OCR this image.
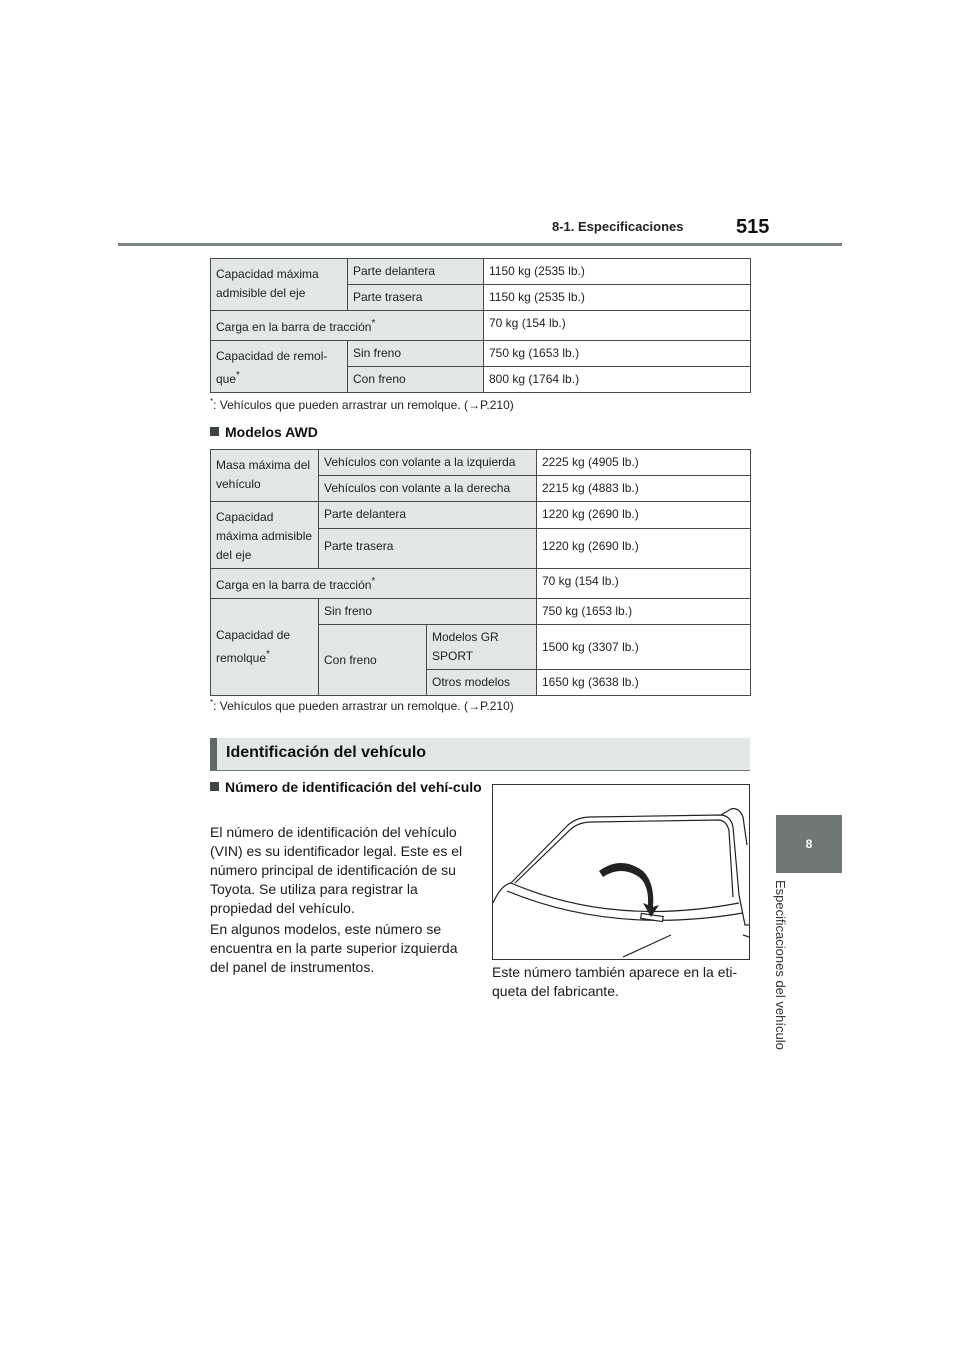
8-1. Especificaciones	515
8
Especificaciones del vehículo
Capacidad máxima admisible del eje	Parte delantera	1150 kg (2535 lb.)
	Parte trasera	1150 kg (2535 lb.)
Carga en la barra de tracción*		70 kg (154 lb.)
Capacidad de remol-que*	Sin freno	750 kg (1653 lb.)
	Con freno	800 kg (1764 lb.)
*: Vehículos que pueden arrastrar un remolque. (→P.210)
Modelos AWD
Masa máxima del vehículo	Vehículos con volante a la izquierda		2225 kg (4905 lb.)
	Vehículos con volante a la derecha		2215 kg (4883 lb.)
Capacidad máxima admisible del eje	Parte delantera		1220 kg (2690 lb.)
	Parte trasera		1220 kg (2690 lb.)
Carga en la barra de tracción*			70 kg (154 lb.)
Capacidad de remolque*	Sin freno		750 kg (1653 lb.)
	Con freno	Modelos GR SPORT	1500 kg (3307 lb.)
		Otros modelos	1650 kg (3638 lb.)
*: Vehículos que pueden arrastrar un remolque. (→P.210)
Identificación del vehículo
Número de identificación del vehí-culo
El número de identificación del vehículo (VIN) es su identificador legal. Este es el número principal de identificación de su Toyota. Se utiliza para registrar la propiedad del vehículo.
En algunos modelos, este número se encuentra en la parte superior izquierda del panel de instrumentos.	Este número también aparece en la eti-queta del fabricante.
